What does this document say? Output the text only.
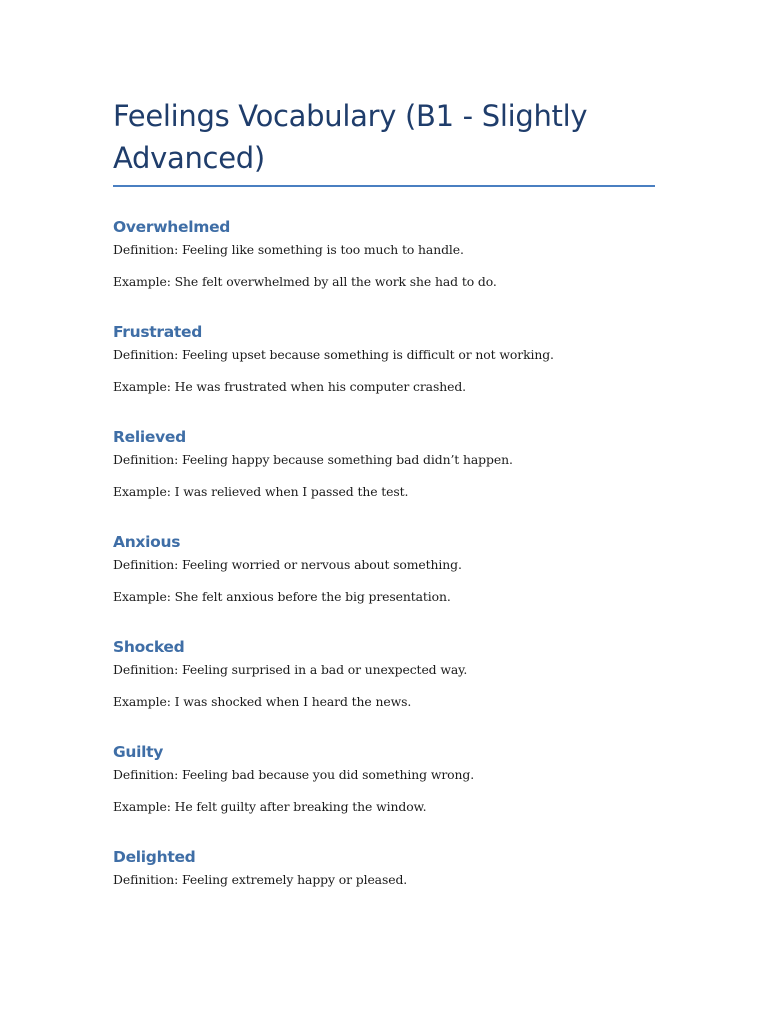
Feelings Vocabulary (B1 - Slightly Advanced)
Overwhelmed

Definition: Feeling like something is too much to handle.

Example: She felt overwhelmed by all the work she had to do.

Frustrated

Definition: Feeling upset because something is difficult or not working.

Example: He was frustrated when his computer crashed.

Relieved

Definition: Feeling happy because something bad didn’t happen.

Example: I was relieved when I passed the test.

Anxious

Definition: Feeling worried or nervous about something.

Example: She felt anxious before the big presentation.

Shocked

Definition: Feeling surprised in a bad or unexpected way.

Example: I was shocked when I heard the news.

Guilty

Definition: Feeling bad because you did something wrong.

Example: He felt guilty after breaking the window.

Delighted

Definition: Feeling extremely happy or pleased.
